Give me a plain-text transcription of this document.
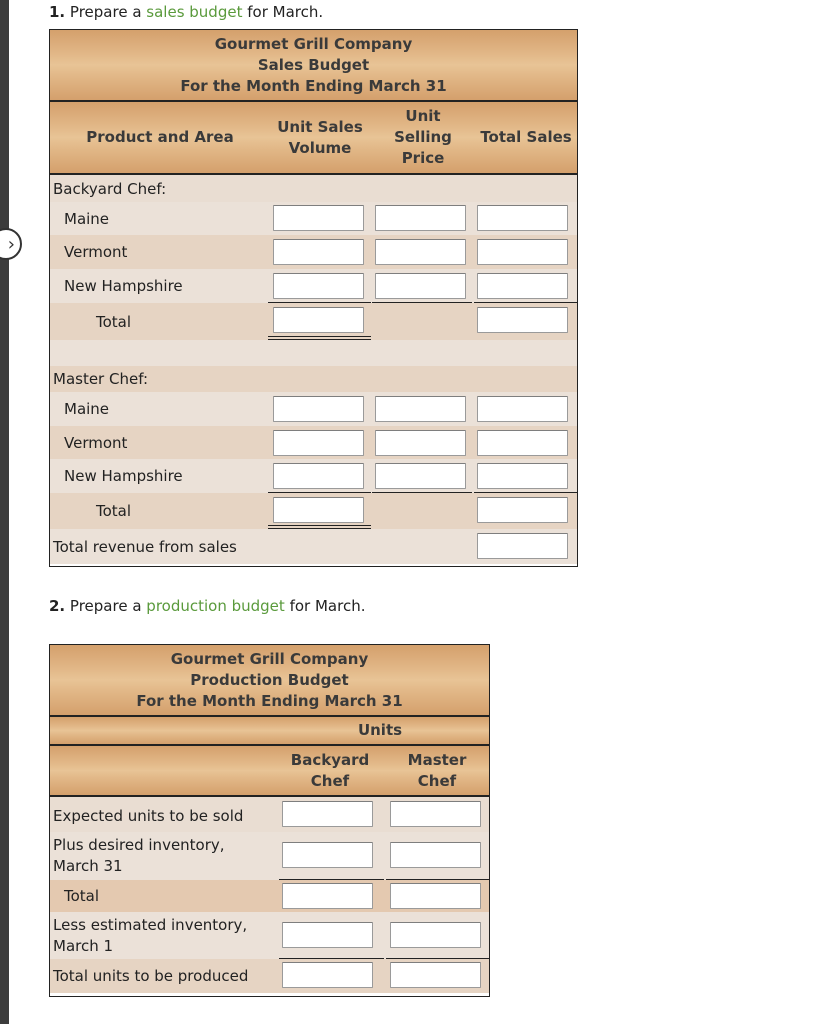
›
1. Prepare a sales budget for March.
Gourmet Grill Company
Sales Budget
For the Month Ending March 31
Product and Area
Unit Sales Volume
Unit Selling Price
Total Sales
Backyard Chef:
Maine
Vermont
New Hampshire
Total
Master Chef:
Maine
Vermont
New Hampshire
Total
Total revenue from sales
2. Prepare a production budget for March.
Gourmet Grill Company
Production Budget
For the Month Ending March 31
Units
Backyard Chef
Master Chef
Expected units to be sold
Plus desired inventory, March 31
Total
Less estimated inventory, March 1
Total units to be produced
